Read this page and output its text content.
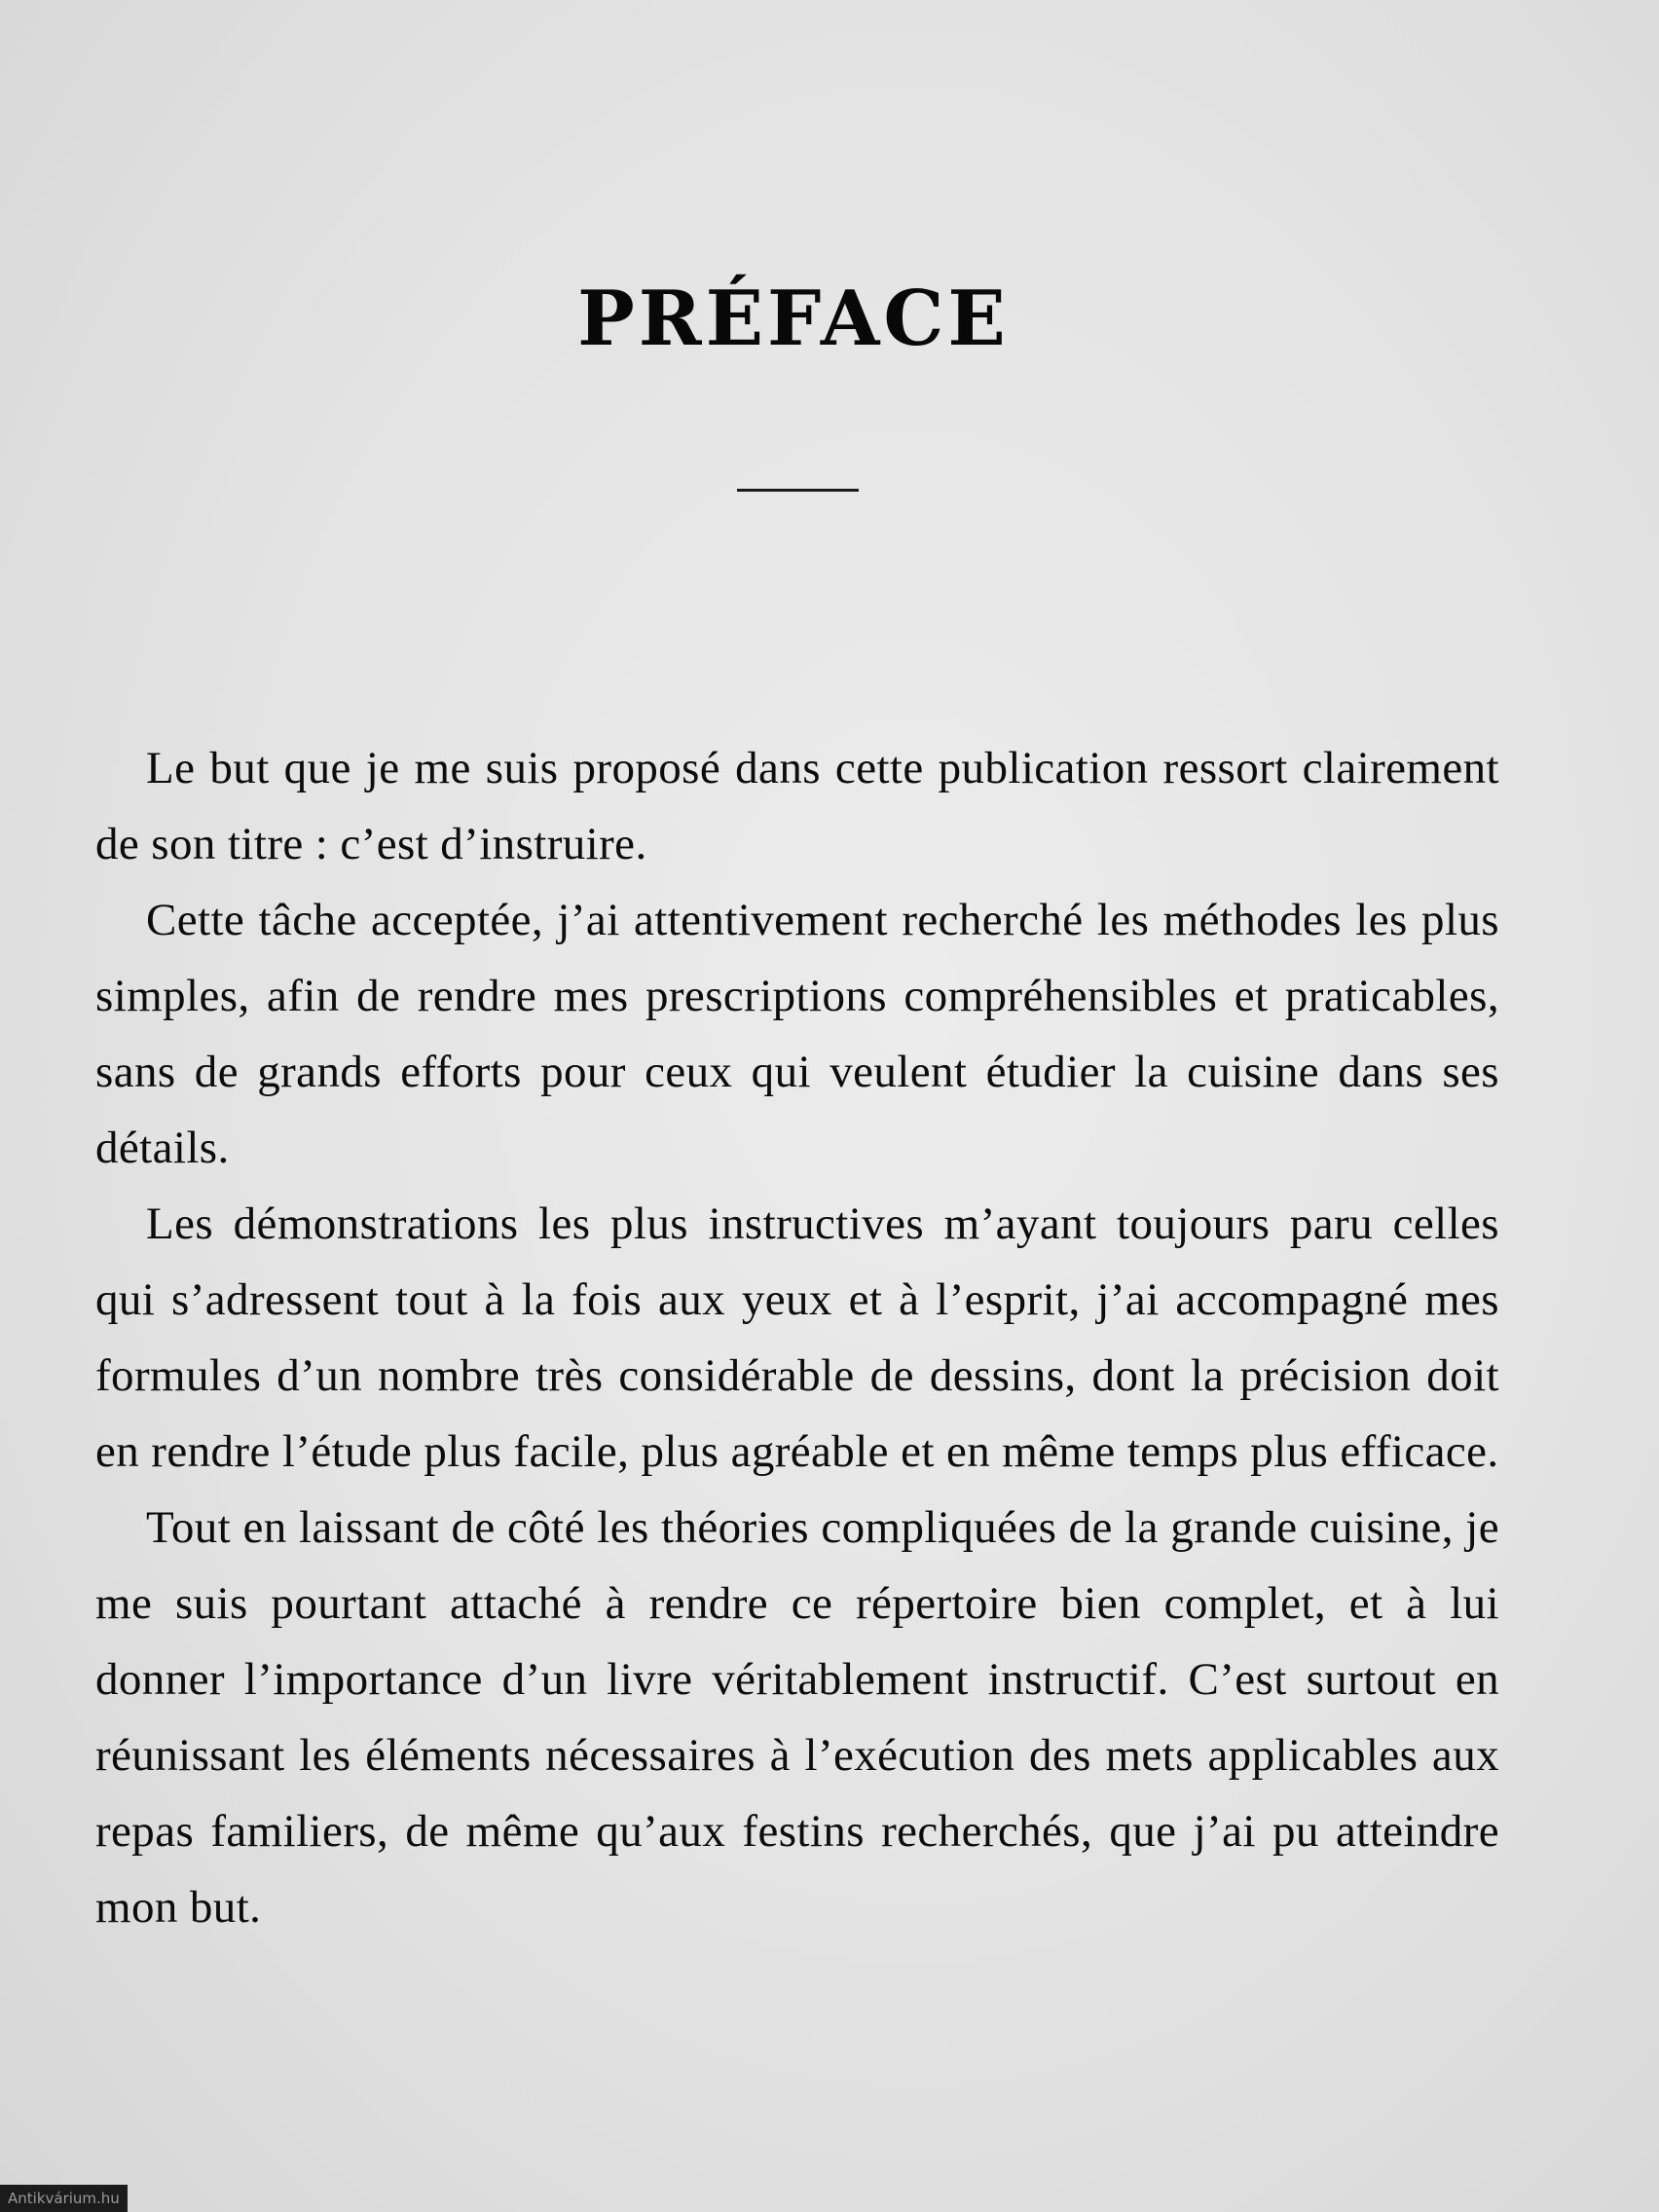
PRÉFACE

Le but que je me suis proposé dans cette publication ressort clairement de son titre : c’est d’instruire.

Cette tâche acceptée, j’ai attentivement recherché les méthodes les plus simples, afin de rendre mes prescriptions compréhensibles et praticables, sans de grands efforts pour ceux qui veulent étudier la cuisine dans ses détails.

Les démonstrations les plus instructives m’ayant toujours paru celles qui s’adressent tout à la fois aux yeux et à l’esprit, j’ai accompagné mes formules d’un nombre très considérable de dessins, dont la précision doit en rendre l’étude plus facile, plus agréable et en même temps plus efficace.

Tout en laissant de côté les théories compliquées de la grande cuisine, je me suis pourtant attaché à rendre ce répertoire bien complet, et à lui donner l’importance d’un livre véritablement instructif. C’est surtout en réunissant les éléments nécessaires à l’exécution des mets applicables aux repas familiers, de même qu’aux festins recherchés, que j’ai pu atteindre mon but.

Antikvárium.hu
